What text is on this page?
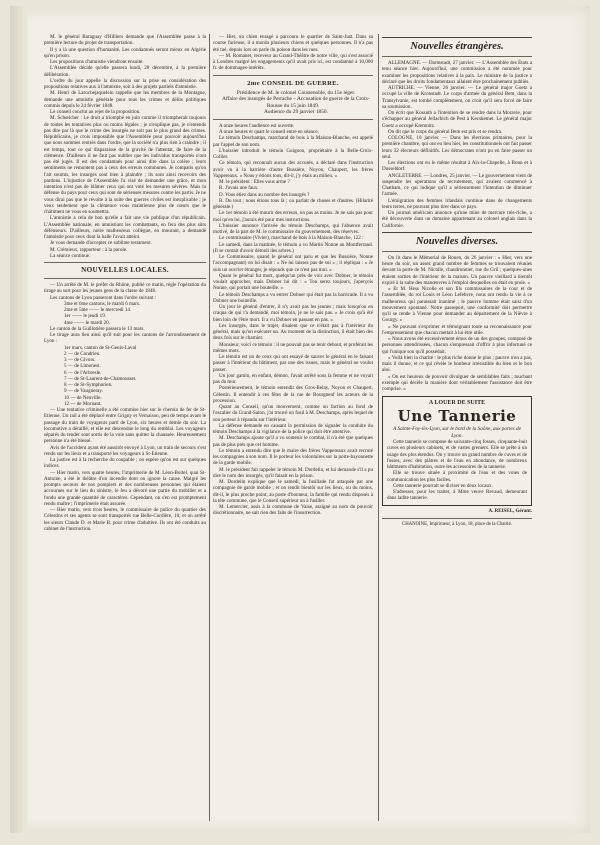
M. le général Baraguay d'Hilliers demande que l'Assemblée passe à la première lecture du projet de transportation.

Il y a là une question d'humanité. Les condamnés seront mieux en Algérie qu'en prison.

Les propositions d'amnistie viendront ensuite.

L'Assemblée décide qu'elle passera lundi, 28 décembre, à la première délibération.

L'ordre du jour appelle la discussion sur la prise en considération des propositions relatives aux à l'amnistie, soit à des projets partiels d'amnistie.

M. Henri de Larochejaquelein rappelle que les membres de la Montagne, demande une amnistie générale pour tous les crimes et délits politiques commis depuis le 24 février 1848.

Le conseil conclut au rejet de la proposition.

M. Schœlcher : Le droit a triomphé en juin comme il triompherait toujours de toutes les tentatives plus ou moins légales ; je n'explique pas, je n'entends pas dire par là que le crime des insurgés ne soit pas le plus grand des crimes. Républicains, je crois impossible que l'Assemblée pour pouvoir aujourd'hui que nous sommes rentrés dans l'ordre, que la société n'a plus rien à craindre ; il est temps, tout ce qui disparaisse de la gravité de l'attentat, de faire de la clémence. D'ailleurs il ne faut pas oublier que les individus transportés n'ont pas été jugés. Il est des condamnés pour ainsi dire dans la colère ; leurs sentiments ne remontent pas à ceux des erreurs communes. Je compatis qu'on l'ait soumis, les insurgés sont bien à plaindre ; ils sont ainsi recevoirs des pardons. L'injustice de l'Assemblée l'a visé de demander une grâce, et mon intention n'est pas de blâmer ceux qui ont voté les mesures sévères. Mais la défense du pays pour ceux qui sont de sérieuses mesures contre les partis. Je ne vous dirai pas que le révolte à la suite des guerres civiles est inexplicable ; je veux seulement que la clémence vous maintienne plus de cœurs que le châtiment ne vous en soumettra.

L'amnistie a cela de bon qu'elle a fait une vie publique d'un républicain. L'Assemblée nationale, en amnistiant les combattants, en fera des plus sûrs défenseurs. D'ailleurs, notre malheureux collègue, en mourant, a demandé l'amnistie pour ceux dont la balle l'avait atteint.

Je vous demande d'accepter ce sublime testament.

M. Crémieux, rapporteur : à la parole.

La séance continue.

NOUVELLES LOCALES.

— Un arrêté de M. le préfet du Rhône, publié ce matin, règle l'opération du tirage au sort pour les jeunes gens de la classe de 1848.

Les cantons de Lyon passeront dans l'ordre suivant :

3me et 6me cantons, le mardi 6 mars.

2me et 5me —— le mercredi 14.

1er —— le jeudi 19.

4me —— le mardi 20.

Le canton de la Guillotière passera le 13 mars.

Le tirage aura lieu ainsi qu'il suit pour les cantons de l'arrondissement de Lyon :

1er mars, canton de St-Genis-Laval

2 — de Condrieu.

3 — de Givors.

5 — de Limonest.

6 — de l'Arbresle.

7 — de St-Laurent-de-Chamousset.

8 — de St-Symphorien.

9 — de Vaugneray.

10 — de Neuville.

12 — de Mornant.

— Une tentative criminelle a été commise hier sur le chemin de fer de St-Etienne. Un rail a été déplacé entre Grigny et Vernaison, peu de temps avant le passage du train de voyageurs parti de Lyon, six heures et demie du soir. La locomotive a déraillé, et elle est descendue le long du remblai. Les voyageurs séparés du tender sont sortis de la voie sans quitter la chaussée. Heureusement personne n'a été blessé.

Avis de l'accident ayant été aussitôt envoyé à Lyon, un train de secours s'est rendu sur les lieux et a transporté les voyageurs à St-Etienne.

La justice est à la recherche du coupable ; on espère qu'on est sur quelques indices.

— Hier matin, vers quatre heures, l'imprimerie de M. Léon-Boitel, quai St-Antoine, a été le théâtre d'un incendie dont on ignore la cause. Malgré les prompts secours de nos pompiers et des nombreuses personnes qui étaient accourues sur le lieu du sinistre, le feu a dévoré une partie du mobilier et a fondu une grande quantité de caractères. Cependant, on s'en est promptement rendu maître ; l'imprimerie était assurée.

— Hier matin, vers trois heures, le commissaire de police du quartier des Célestins et ses agents se sont transportés rue Belle-Cordière, 10, et on arrêté les sieurs Claude D. et Marie B. pour crime d'adultère. Ils ont été conduits au cabinet de l'instruction.

— Hier, un chien enragé a parcouru le quartier de Saint-Just. Dans sa course furieuse, il a mordu plusieurs chiens et quelques personnes. Il n'a pas été tué, depuis lors on parle du poison dans les rues.

— M. Romanet, receveur au Grand-Théâtre de notre ville, qui s'est associé à Londres malgré les engagements qu'il avait pris ici, est condamné à 10,000 fr. de dommages-intérêts.

2me CONSEIL DE GUERRE.

Présidence de M. le colonel Coustenoble, du 15e léger.

Affaire des insurgés de Perrache – Accusation de guerre de la Croix-Rousse du 15 juin 1849.

Audience du 29 janvier 1850.

A onze heures l'audience est ouverte.

A onze heures et quart le conseil entre en séance.

Le témoin Deschamps, marchand de bois à la Maison-Blanche, est appelé par l'appel de son nom.

L'huissier introduit le témoin Guignon, propriétaire à la Belle-Croix-Collier.

Ce témoin, qui reconnaît aucun des accusés, a déclaré dans l'instruction avoir vu à la barrière d'autre Bussière, Noyon, Chaupert, les frères Vappereaux. « Nous y étions tous, dit-il, j'y étais au milieu. »

M. le président : Elles vous arme ?

R. J'avais une faux.

D. Vous étiez dans au nombre des insurgés ?

R. Du tout ; nous étions tous là ; ou parlait de choses et d'autres. (Hilarité générale.)

Le 1er témoin à été mourir des erreurs, on pas as moins. Je ne sais pas pour moi qu'en lui, j'aurais été pour mes instructions.

L'huissier annonce l'arrivée du témoin Deschamps, qui l'absence avait motivé, de la part de M. le commissaire du gouvernement, des réserves.

Le commissaire (Vivier), marchand de bois à la Maison-Blanche, 122 :

Le samedi, dans la matinée, le témoin a vu Martin Nonne au Montferrand. (Il se contait d'avoir démoli des arbres.)

Le Commissaire, quand le général ont paru et que les Bussière, Nonne l'accompagnant) on lui disait : « Ne lui laissez pas de sui » ; il répliqua : « Je suis un ouvrier étranger, je réponds que ce n'est pas moi. »

Quant le général fut mort, quelqu'un près de voir avec Dobner, le témoin voulait approcher, mais Dobner lui dit : « Ton serez toujours, j'aperçois Nonne, qui portait une bouteille. »

Le témoin Deschamps a vu entrer Dobner qui était pas la barricade. Il a vu Dobner une bouteille.

Un jour le général d'entrer, il n'y avait pas les jeunes ; mais lorsqu'on en craqua de qui l'a demandé, moi témoin, je ne le sais pas. « Je crois qu'à été bien loin de l'être mort. Il a vu Dobner en passant en pas. »

Les insurgés, dans le trajet, disaient que ce n'était pas à l'intérieur du général, mais qu'on exécuter un. Au moment de la distinction, il était bien des deux fois sur le charnier.

Monsieur, voici ce témoin : il ne pouvait pas se tenir debout, et proférait les mêmes mots.

Le témoin est un de ceux qui ont essayé de sauver le général en le faisant passer à l'intérieur du bâtiment, par une des issues, mais le général ne voulut passer.

Un jour gamin, en enfant, démon, l'avait arrêté sous la femme et ne voyait pas du mur.

Postérieurement, le témoin entendit des Gros-Belay, Noyon et Chaupert, Célestin. Il entendit à ces fêtes de la rue de Bourgneuf les acteurs de la procession.

Quant au Conseil, qu'un mouvement, comme un faction au fond de l'escalier du Grand-Salon, j'ai trouvé un fusil à M. Deschamps, après lequel de son porteur à répandu sur l'intérieur.

La défense demande en causant la permission de signaler la conduite du témoin Deschamps à la vigilance de la police qui doit être attentive.

M. Deschamps ajoute qu'il a vu soutenir le combat, il n'a été que quelques pas de plus près que cet homme.

Le témoin a entendu dire que le maire des frères Vappereaux avait recruté les compagnies à son nom. Il le porteur les volontaires sur la porte-bayonnette de la garde mobile.

M. le président fait rappeler le témoin M. Dordelin, et lui demande s'il a pu dire le nom des insurgés, qu'il faisait en la prison.

M. Dordelin explique que le samedi, la fusillade fut attaquée par une compagnie de garde mobile ; et on rendit bientôt sur les lieux, ou du moins, dit-il, le plus proche point, au poste d'honneur, la famille qui rendu disposés à la tête commune, que le Conseil supérieur un à fusiller.

M. Lemercier, assis à la commune de Vaise, assigné au nom du pouvoir discrétionnaire, ne sait rien des faits de l'insurrection.

Nouvelles étrangères.

ALLEMAGNE. — Darmstadt, 27 janvier. — L'Assemblée des États a tenu séance hier. Aujourd'hui, une commission a été nommée pour examiner les propositions relatives à la paix. Le ministre de la justice a déclaré que les droits fondamentaux allaient être prochainement publiés.

AUTRICHE. — Vienne, 26 janvier. — Le général major Goetz a occupé la ville de Kronstadt. Le corps d'armée du général Bem, dans la Transylvanie, est tombé complètement, on croit qu'il sera forcé de faire sa soumission.

On écrit que Kossuth a l'intention de se rendre dans la Moravie, pour s'échapper au général Jellachich de Pest à Kecskemet. Le général major Goetz a occupé Kremnitz.

On dit que le corps du général Bem est pris et se rendra.

COLOGNE, 10 janvier. — Dans les élections primaires, pour la première chambre, qui ont eu lieu hier, les constitutionnels ont fait passer leurs 32 électeurs définitifs. Les démocrates n'ont pu en faire passer un seul.

Les élections ont eu le même résultat à Aix-la-Chapelle, à Bonn et à Dusseldorf.

ANGLETERRE. — Londres, 25 janvier. — Le gouvernement vient de suspendre les opérations de recrutement, qui avaient commencé à Chatham, ce qui indique qu'il a sérieusement l'intention de diminuer l'armée.

L'émigration des femmes irlandais continue dans de changements leurs terres, ne pouvant plus tirer dans ce pays.

Un journal américain annonce qu'une mine de mercure très-riche, a été découverte dans un domaine appartenant au colonel anglais dans la Californie.

Nouvelles diverses.

On lit dans le Mémorial de Rouen, du 26 janvier : « Hier, vers une heure du soir, un assez grand nombre de femmes se trouvaient réunies devant la porte de M. Nicolle, chaudronnier, rue du Gril ; quelques-unes étaient sorties de l'intérieur de la maison. Un pauvre vieillard a bientôt expiré à la suite des manœuvres à l'emploi desquelles on était en proie. »

« Et M. Hess Nicolle et son fils commissaires de la cour et de l'assemblée, du roi Louis et Léon Lefebvre, nous ont rendu la vie à ce malheureux qui paraissait inanimé ; le pauvre homme était saisi d'un mouvement spontané. Notre passeport, une conformité doit permettre qu'il se rende à Vienne pour demander au département de la Nièvre à Gourgy. »

« Ne pouvant s'exprimer et témoignant toute sa reconnaissance pour l'empressement que chacun mettait à lui être utile.

« Nous avons été excessivement émus de un des groupes, composé de personnes attendrissées, chacun s'empressait d'offrir à plus infortuné ce qui l'unique sou qu'il possédait.

« Voilà bien la charité : le plus riche donne le plus ; pauvre n'en a pas, mais il donne, et ce qui révèle le bonheur irrésistible du bien et le bon aloi.

« On est heureux de pouvoir divulguer de semblables faits ; touchant exemple qui décèle la manière dont véritablement l'assistance doit être comprise. »

A LOUER DE SUITE
Une Tannerie
A Sainte-Foy-lès-Lyon, sur le bord de la Saône, aux portes de Lyon.

Cette tannerie se compose de soixante-cinq fosses, cinquante-huit cuves en plusieurs cabinets, et de vastes greniers. Elle se prête à un usage des plus étendus. On y trouve un grand nombre de cuves et de fosses, avec des plâtres et de l'eau en abondance, de nombreux bâtiments d'habitation, outre les accessoires de la tannerie.

Elle se trouve située à proximité de l'eau et des voies de communication les plus faciles.

Cette tannerie pourrait se diviser en deux locaux.

S'adresser, pour les traiter, à Mme veuve Revaud, demeurant dans ladite tannerie.

A. REISEL, Gérant.
CHANOINE, Imprimeur, à Lyon, 18, place de la Charité.
